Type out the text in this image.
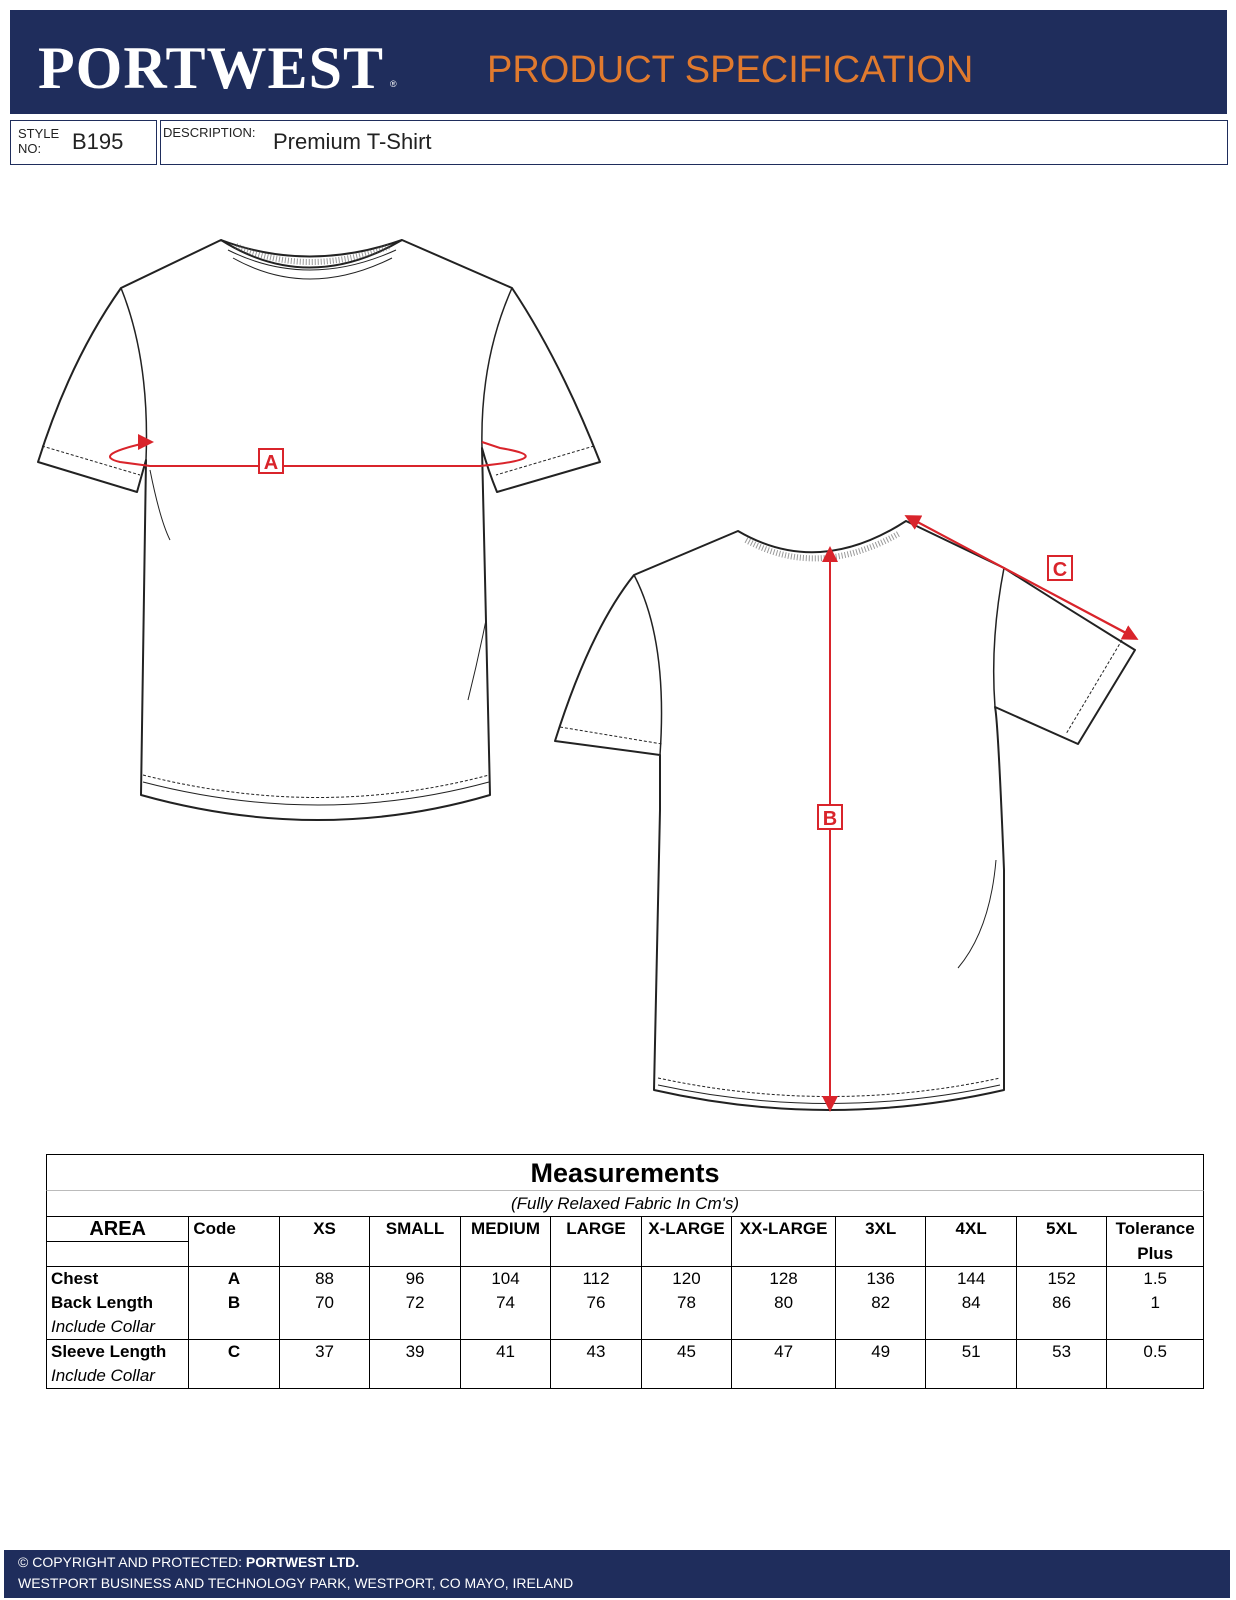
PORTWEST ® PRODUCT SPECIFICATION
STYLE
NO: B195	DESCRIPTION: Premium T-Shirt
A
B
C
Measurements
(Fully Relaxed Fabric In Cm's)
AREA	Code	XS	SMALL	MEDIUM	LARGE	X-LARGE	XX-LARGE	3XL	4XL	5XL	Tolerance
											Plus
Chest	A	88	96	104	112	120	128	136	144	152	1.5
Back Length	B	70	72	74	76	78	80	82	84	86	1
Include Collar											
Sleeve Length	C	37	39	41	43	45	47	49	51	53	0.5
Include Collar											
© COPYRIGHT AND PROTECTED: PORTWEST LTD.
WESTPORT BUSINESS AND TECHNOLOGY PARK, WESTPORT, CO MAYO, IRELAND
